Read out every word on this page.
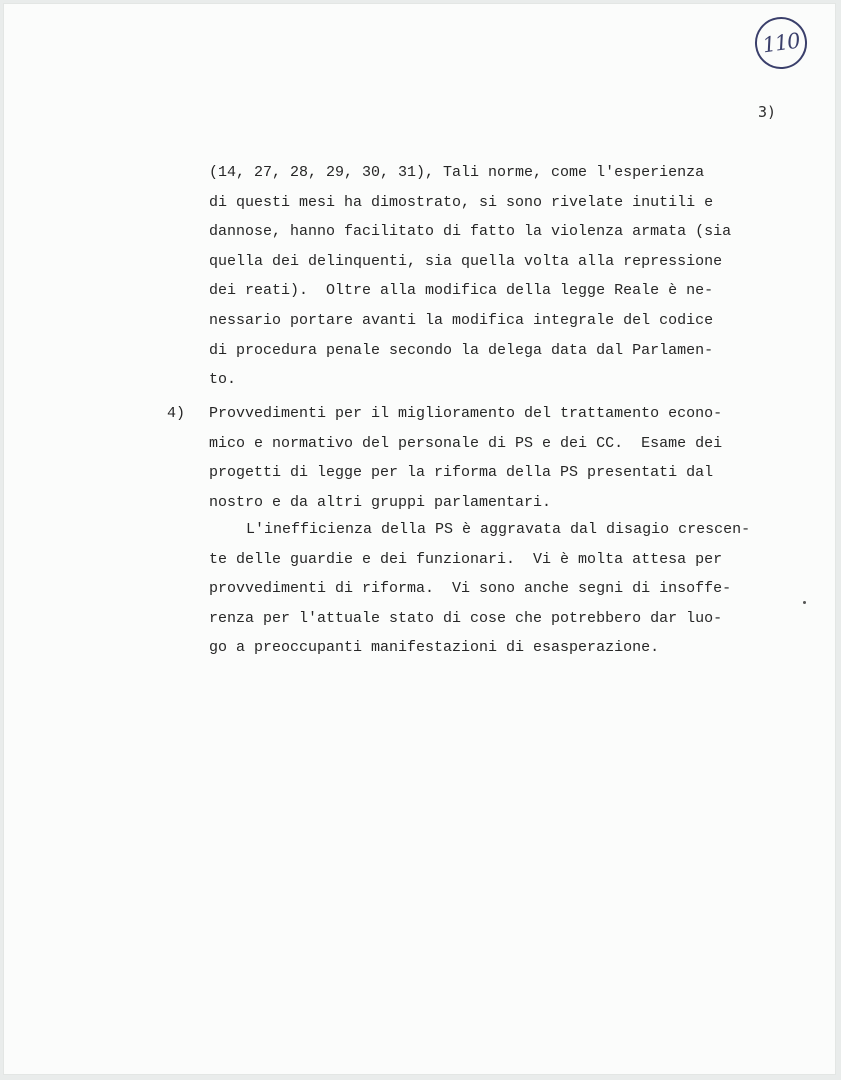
110
3)
(14, 27, 28, 29, 30, 31), Tali norme, come l'esperienza
di questi mesi ha dimostrato, si sono rivelate inutili e
dannose, hanno facilitato di fatto la violenza armata (sia
quella dei delinquenti, sia quella volta alla repressione
dei reati).  Oltre alla modifica della legge Reale è ne-
nessario portare avanti la modifica integrale del codice
di procedura penale secondo la delega data dal Parlamen-
to.
4) Provvedimenti per il miglioramento del trattamento econo-
mico e normativo del personale di PS e dei CC.  Esame dei
progetti di legge per la riforma della PS presentati dal
nostro e da altri gruppi parlamentari.
L'inefficienza della PS è aggravata dal disagio crescen-
te delle guardie e dei funzionari.  Vi è molta attesa per
provvedimenti di riforma.  Vi sono anche segni di insoffe-
renza per l'attuale stato di cose che potrebbero dar luo-
go a preoccupanti manifestazioni di esasperazione.
